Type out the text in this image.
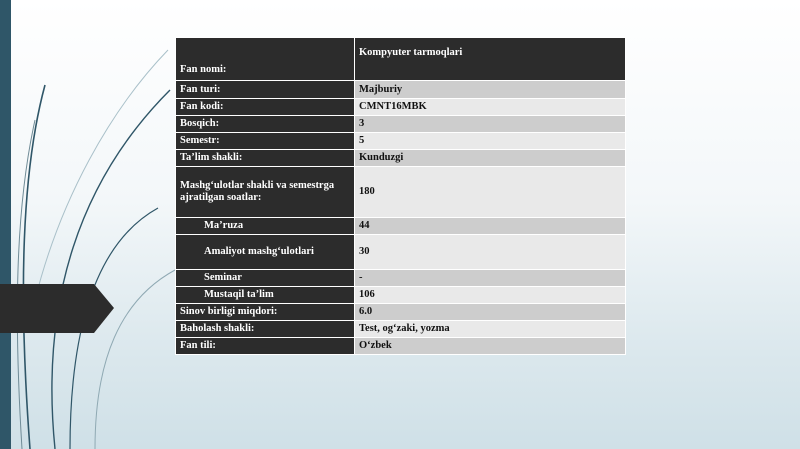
Fan nomi:	Kompyuter tarmoqlari
Fan turi:	Majburiy
Fan kodi:	CMNT16MBK
Bosqich:	3
Semestr:	5
Ta’lim shakli:	Kunduzgi
Mashg‘ulotlar shakli va semestrga ajratilgan soatlar:	180
Ma’ruza	44
Amaliyot mashg‘ulotlari	30
Seminar	-
Mustaqil ta’lim	106
Sinov birligi miqdori:	6.0
Baholash shakli:	Test, og‘zaki, yozma
Fan tili:	O‘zbek
